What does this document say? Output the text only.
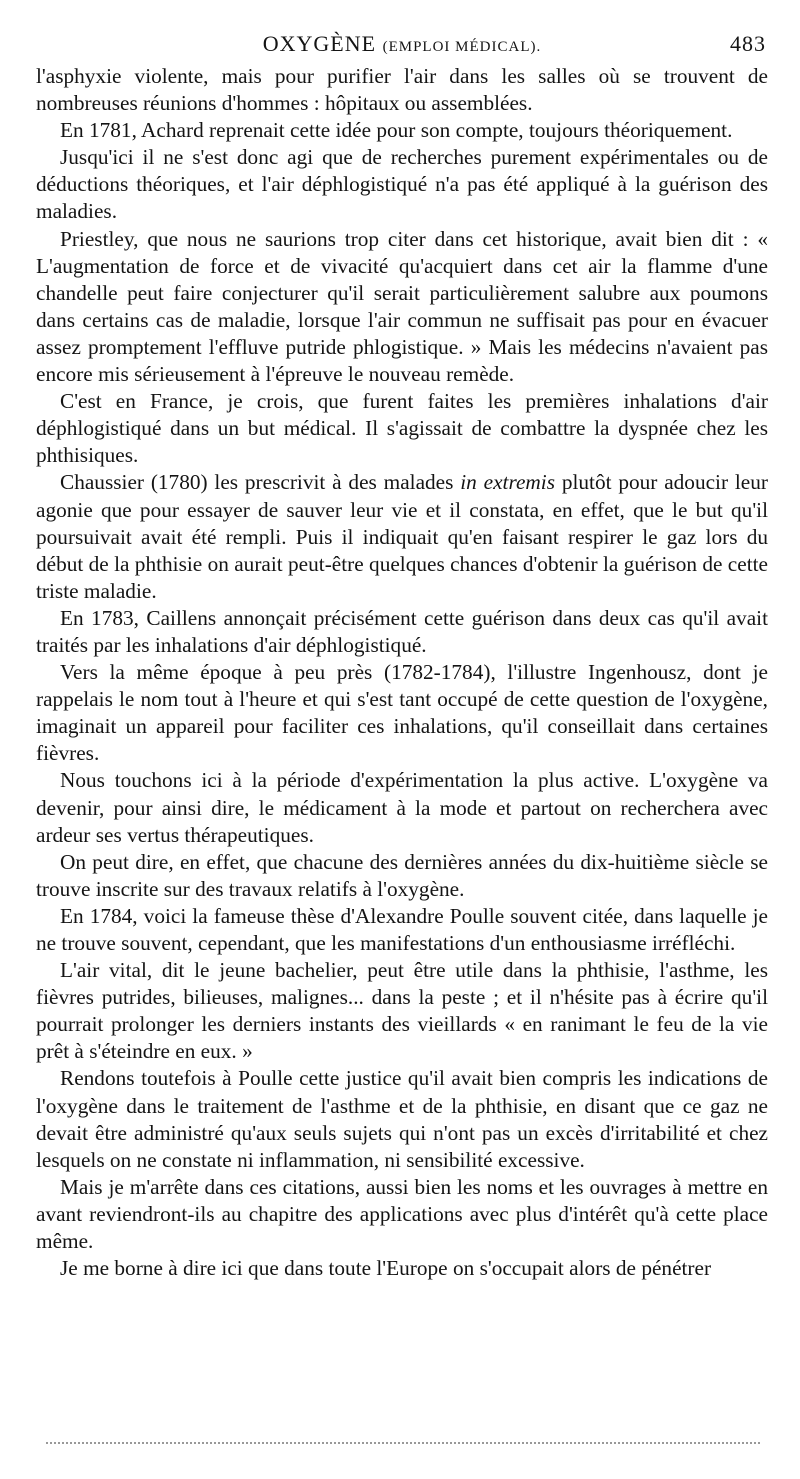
OXYGÈNE (EMPLOI MÉDICAL).	483

l'asphyxie violente, mais pour purifier l'air dans les salles où se trouvent de nombreuses réunions d'hommes : hôpitaux ou assemblées.

En 1781, Achard reprenait cette idée pour son compte, toujours théoriquement.

Jusqu'ici il ne s'est donc agi que de recherches purement expérimentales ou de déductions théoriques, et l'air déphlogistiqué n'a pas été appliqué à la guérison des maladies.

Priestley, que nous ne saurions trop citer dans cet historique, avait bien dit : « L'augmentation de force et de vivacité qu'acquiert dans cet air la flamme d'une chandelle peut faire conjecturer qu'il serait particulièrement salubre aux poumons dans certains cas de maladie, lorsque l'air commun ne suffisait pas pour en évacuer assez promptement l'effluve putride phlogistique. » Mais les médecins n'avaient pas encore mis sérieusement à l'épreuve le nouveau remède.

C'est en France, je crois, que furent faites les premières inhalations d'air déphlogistiqué dans un but médical. Il s'agissait de combattre la dyspnée chez les phthisiques.

Chaussier (1780) les prescrivit à des malades in extremis plutôt pour adoucir leur agonie que pour essayer de sauver leur vie et il constata, en effet, que le but qu'il poursuivait avait été rempli. Puis il indiquait qu'en faisant respirer le gaz lors du début de la phthisie on aurait peut-être quelques chances d'obtenir la guérison de cette triste maladie.

En 1783, Caillens annonçait précisément cette guérison dans deux cas qu'il avait traités par les inhalations d'air déphlogistiqué.

Vers la même époque à peu près (1782-1784), l'illustre Ingenhousz, dont je rappelais le nom tout à l'heure et qui s'est tant occupé de cette question de l'oxygène, imaginait un appareil pour faciliter ces inhalations, qu'il conseillait dans certaines fièvres.

Nous touchons ici à la période d'expérimentation la plus active. L'oxygène va devenir, pour ainsi dire, le médicament à la mode et partout on recherchera avec ardeur ses vertus thérapeutiques.

On peut dire, en effet, que chacune des dernières années du dix-huitième siècle se trouve inscrite sur des travaux relatifs à l'oxygène.

En 1784, voici la fameuse thèse d'Alexandre Poulle souvent citée, dans laquelle je ne trouve souvent, cependant, que les manifestations d'un enthousiasme irréfléchi.

L'air vital, dit le jeune bachelier, peut être utile dans la phthisie, l'asthme, les fièvres putrides, bilieuses, malignes... dans la peste ; et il n'hésite pas à écrire qu'il pourrait prolonger les derniers instants des vieillards « en ranimant le feu de la vie prêt à s'éteindre en eux. »

Rendons toutefois à Poulle cette justice qu'il avait bien compris les indications de l'oxygène dans le traitement de l'asthme et de la phthisie, en disant que ce gaz ne devait être administré qu'aux seuls sujets qui n'ont pas un excès d'irritabilité et chez lesquels on ne constate ni inflammation, ni sensibilité excessive.

Mais je m'arrête dans ces citations, aussi bien les noms et les ouvrages à mettre en avant reviendront-ils au chapitre des applications avec plus d'intérêt qu'à cette place même.

Je me borne à dire ici que dans toute l'Europe on s'occupait alors de pénétrer
